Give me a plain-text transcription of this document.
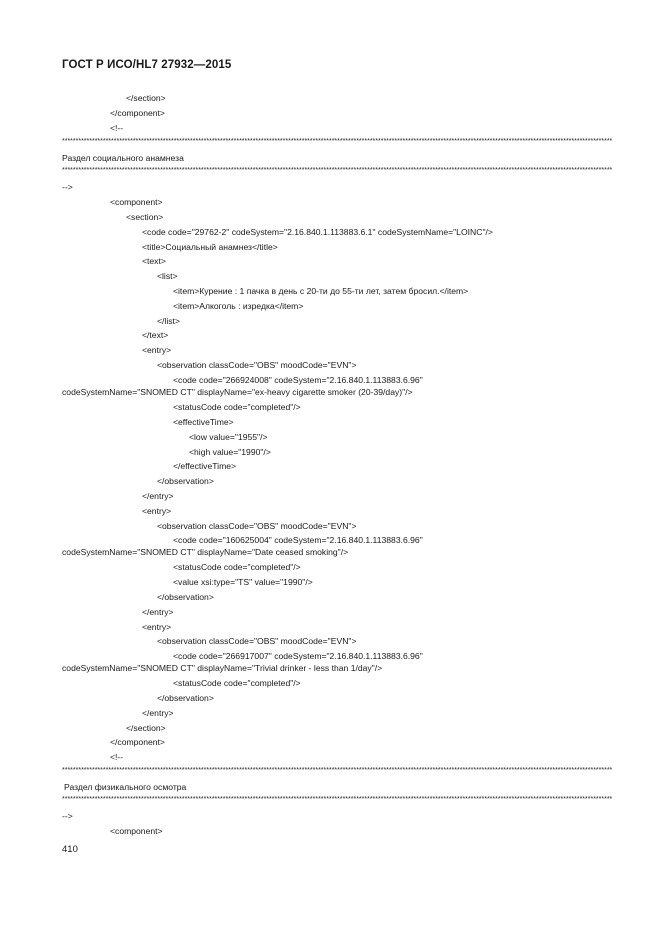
ГОСТ Р ИСО/HL7 27932—2015
</section>
</component>
<!--
**********************************************************************************************************************************************************************************************************
Раздел социального анамнеза
**********************************************************************************************************************************************************************************************************
-->
<component>
<section>
<code code="29762-2" codeSystem="2.16.840.1.113883.6.1" codeSystemName="LOINC"/>
<title>Социальный анамнез</title>
<text>
<list>
<item>Курение : 1 пачка в день с 20-ти до 55-ти лет, затем бросил.</item>
<item>Алкоголь : изредка</item>
</list>
</text>
<entry>
<observation classCode="OBS" moodCode="EVN">
<code code="266924008" codeSystem="2.16.840.1.113883.6.96"
codeSystemName="SNOMED CT" displayName="ex-heavy cigarette smoker (20-39/day)"/>
<statusCode code="completed"/>
<effectiveTime>
<low value="1955"/>
<high value="1990"/>
</effectiveTime>
</observation>
</entry>
<entry>
<observation classCode="OBS" moodCode="EVN">
<code code="160625004" codeSystem="2.16.840.1.113883.6.96"
codeSystemName="SNOMED CT" displayName="Date ceased smoking"/>
<statusCode code="completed"/>
<value xsi:type="TS" value="1990"/>
</observation>
</entry>
<entry>
<observation classCode="OBS" moodCode="EVN">
<code code="266917007" codeSystem="2.16.840.1.113883.6.96"
codeSystemName="SNOMED CT" displayName="Trivial drinker - less than 1/day"/>
<statusCode code="completed"/>
</observation>
</entry>
</section>
</component>
<!--
**********************************************************************************************************************************************************************************************************
Раздел физикального осмотра
**********************************************************************************************************************************************************************************************************
-->
<component>
410
